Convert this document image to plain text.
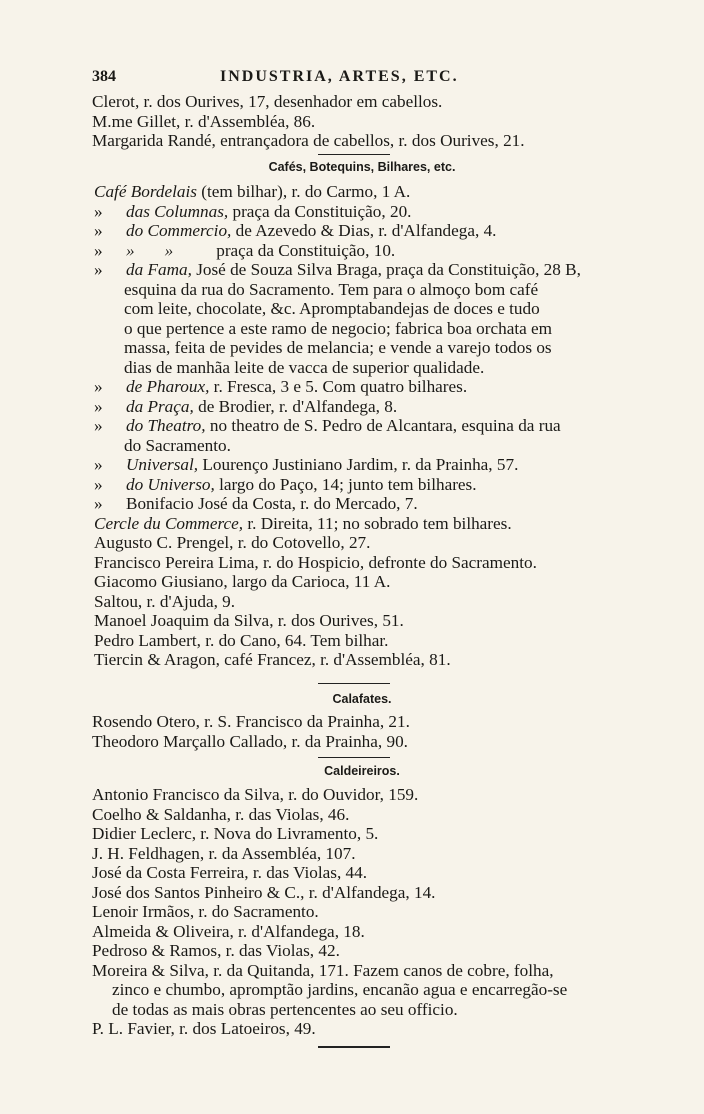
384	INDUSTRIA, ARTES, ETC.
Clerot, r. dos Ourives, 17, desenhador em cabellos.
M.me Gillet, r. d'Assembléa, 86.
Margarida Randé, entrançadora de cabellos, r. dos Ourives, 21.
Cafés, Botequins, Bilhares, etc.
Café Bordelais (tem bilhar), r. do Carmo, 1 A.
» das Columnas, praça da Constituição, 20.
» do Commercio, de Azevedo & Dias, r. d'Alfandega, 4.
» »       »          praça da Constituição, 10.
» da Fama, José de Souza Silva Braga, praça da Constituição, 28 B,
esquina da rua do Sacramento. Tem para o almoço bom café
com leite, chocolate, &c. Apromptabandejas de doces e tudo
o que pertence a este ramo de negocio; fabrica boa orchata em
massa, feita de pevides de melancia; e vende a varejo todos os
dias de manhãa leite de vacca de superior qualidade.
» de Pharoux, r. Fresca, 3 e 5. Com quatro bilhares.
» da Praça, de Brodier, r. d'Alfandega, 8.
» do Theatro, no theatro de S. Pedro de Alcantara, esquina da rua
do Sacramento.
» Universal, Lourenço Justiniano Jardim, r. da Prainha, 57.
» do Universo, largo do Paço, 14; junto tem bilhares.
» Bonifacio José da Costa, r. do Mercado, 7.
Cercle du Commerce, r. Direita, 11; no sobrado tem bilhares.
Augusto C. Prengel, r. do Cotovello, 27.
Francisco Pereira Lima, r. do Hospicio, defronte do Sacramento.
Giacomo Giusiano, largo da Carioca, 11 A.
Saltou, r. d'Ajuda, 9.
Manoel Joaquim da Silva, r. dos Ourives, 51.
Pedro Lambert, r. do Cano, 64. Tem bilhar.
Tiercin & Aragon, café Francez, r. d'Assembléa, 81.
Calafates.
Rosendo Otero, r. S. Francisco da Prainha, 21.
Theodoro Marçallo Callado, r. da Prainha, 90.
Caldeireiros.
Antonio Francisco da Silva, r. do Ouvidor, 159.
Coelho & Saldanha, r. das Violas, 46.
Didier Leclerc, r. Nova do Livramento, 5.
J. H. Feldhagen, r. da Assembléa, 107.
José da Costa Ferreira, r. das Violas, 44.
José dos Santos Pinheiro & C., r. d'Alfandega, 14.
Lenoir Irmãos, r. do Sacramento.
Almeida & Oliveira, r. d'Alfandega, 18.
Pedroso & Ramos, r. das Violas, 42.
Moreira & Silva, r. da Quitanda, 171. Fazem canos de cobre, folha,
zinco e chumbo, apromptão jardins, encanão agua e encarregão-se
de todas as mais obras pertencentes ao seu officio.
P. L. Favier, r. dos Latoeiros, 49.
